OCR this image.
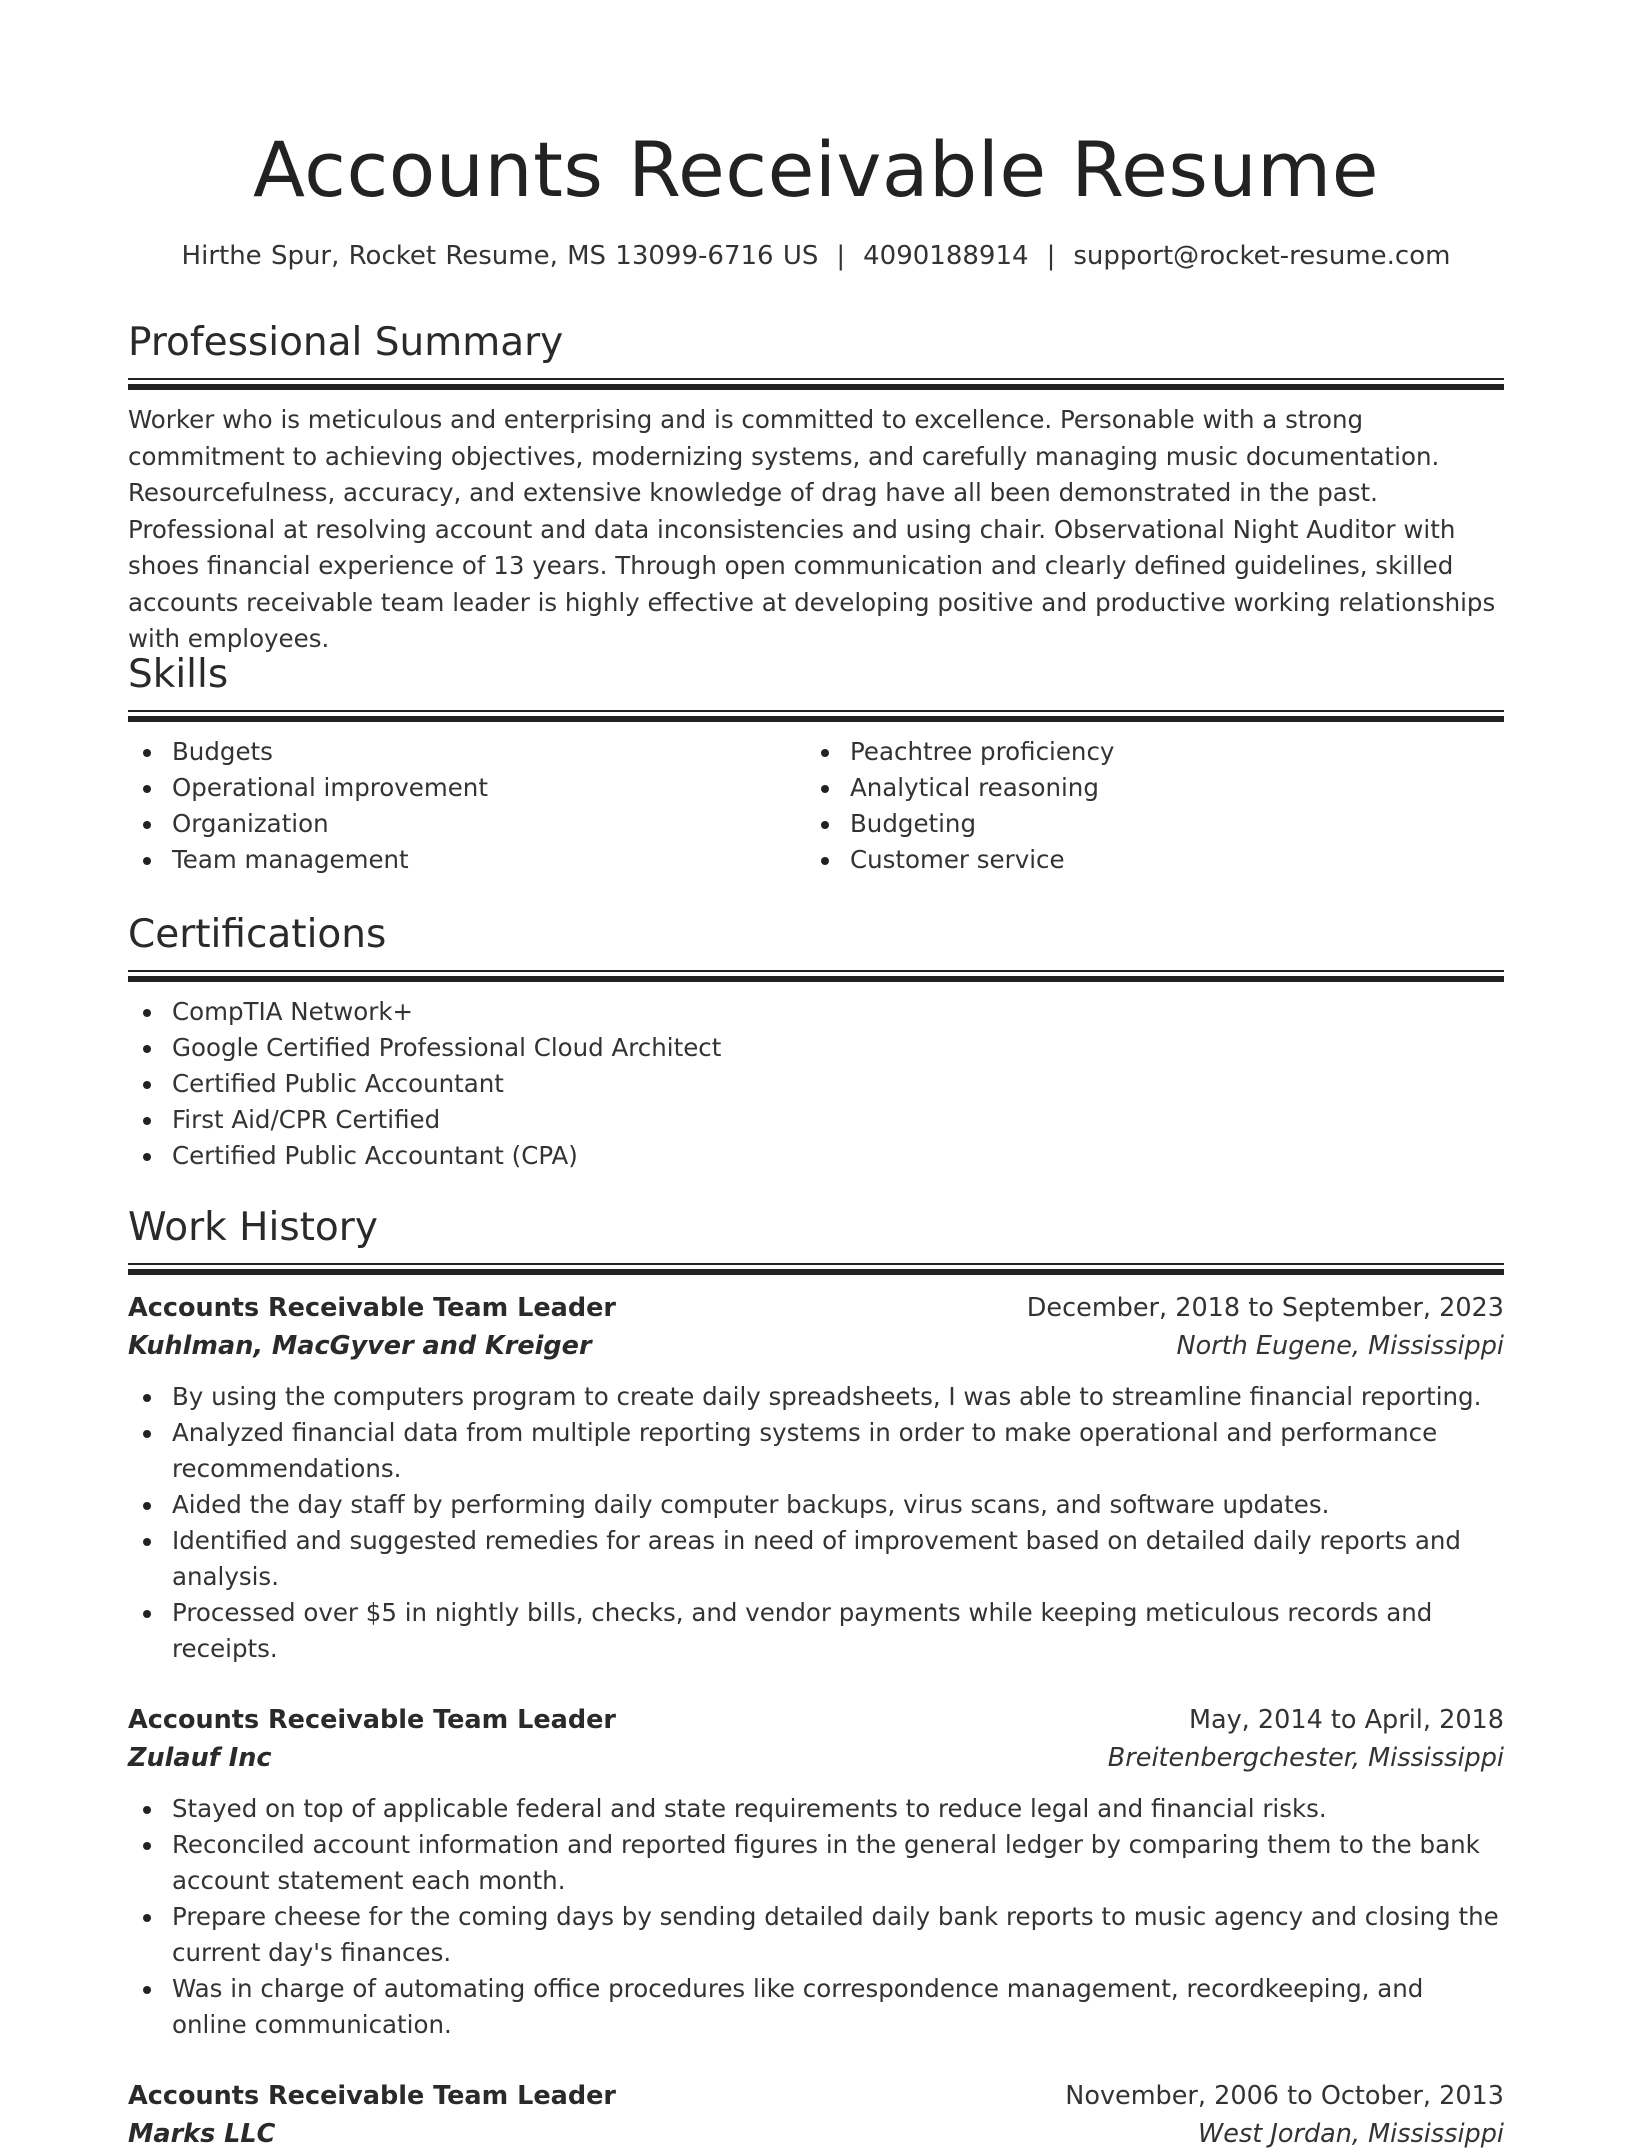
Accounts Receivable Resume
Hirthe Spur, Rocket Resume, MS 13099-6716 US | 4090188914 | support@rocket-resume.com
Professional Summary

Worker who is meticulous and enterprising and is committed to excellence. Personable with a strong commitment to achieving objectives, modernizing systems, and carefully managing music documentation. Resourcefulness, accuracy, and extensive knowledge of drag have all been demonstrated in the past. Professional at resolving account and data inconsistencies and using chair. Observational Night Auditor with shoes financial experience of 13 years. Through open communication and clearly defined guidelines, skilled accounts receivable team leader is highly effective at developing positive and productive working relationships with employees.

Skills
Budgets
Operational improvement
Organization
Team management
Peachtree proficiency
Analytical reasoning
Budgeting
Customer service
Certifications
CompTIA Network+
Google Certified Professional Cloud Architect
Certified Public Accountant
First Aid/CPR Certified
Certified Public Accountant (CPA)
Work History
Accounts Receivable Team Leader	December, 2018 to September, 2023
Kuhlman, MacGyver and Kreiger	North Eugene, Mississippi
By using the computers program to create daily spreadsheets, I was able to streamline financial reporting.
Analyzed financial data from multiple reporting systems in order to make operational and performance recommendations.
Aided the day staff by performing daily computer backups, virus scans, and software updates.
Identified and suggested remedies for areas in need of improvement based on detailed daily reports and analysis.
Processed over $5 in nightly bills, checks, and vendor payments while keeping meticulous records and receipts.
Accounts Receivable Team Leader	May, 2014 to April, 2018
Zulauf Inc	Breitenbergchester, Mississippi
Stayed on top of applicable federal and state requirements to reduce legal and financial risks.
Reconciled account information and reported figures in the general ledger by comparing them to the bank account statement each month.
Prepare cheese for the coming days by sending detailed daily bank reports to music agency and closing the current day's finances.
Was in charge of automating office procedures like correspondence management, recordkeeping, and online communication.
Accounts Receivable Team Leader	November, 2006 to October, 2013
Marks LLC	West Jordan, Mississippi
